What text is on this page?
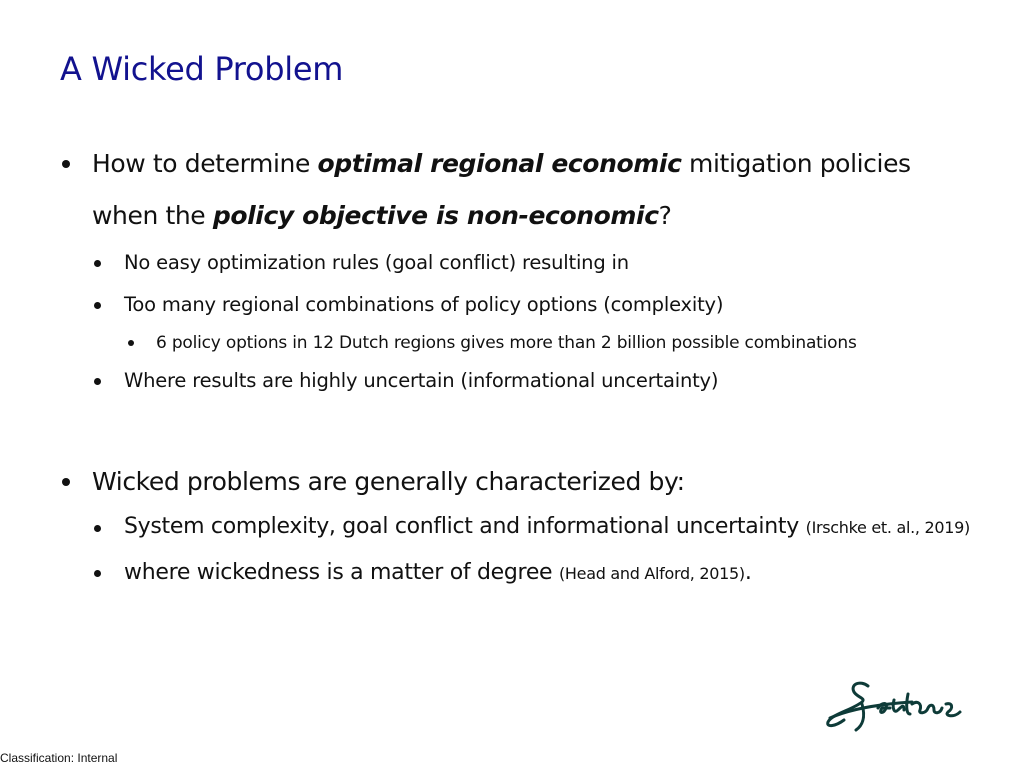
A Wicked Problem
How to determine optimal regional economic mitigation policies when the policy objective is non-economic?
No easy optimization rules (goal conflict) resulting in
Too many regional combinations of policy options (complexity)
6 policy options in 12 Dutch regions gives more than 2 billion possible combinations
Where results are highly uncertain (informational uncertainty)
Wicked problems are generally characterized by:
System complexity, goal conflict and informational uncertainty (Irschke et. al., 2019)
where wickedness is a matter of degree (Head and Alford, 2015).
Classification: Internal
